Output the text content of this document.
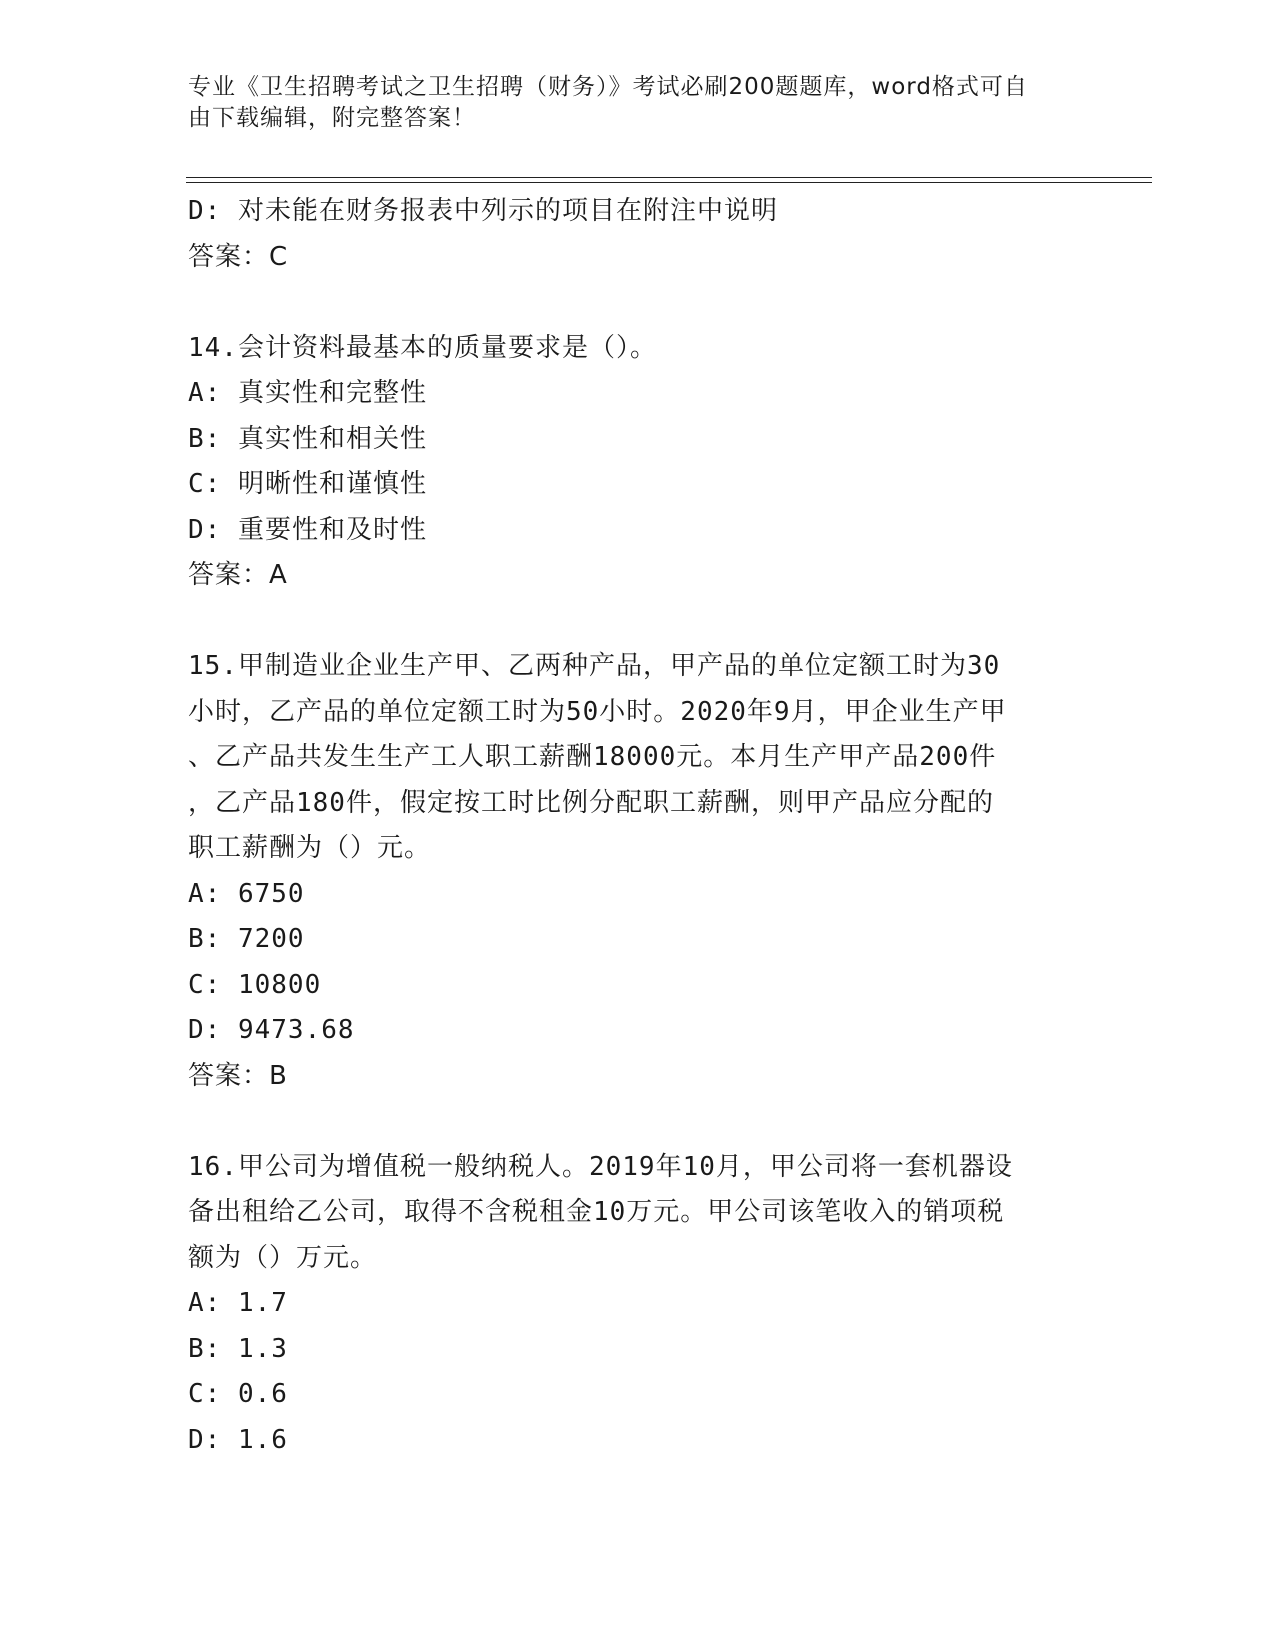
专业《卫生招聘考试之卫生招聘（财务）》考试必刷200题题库，word格式可自
由下载编辑，附完整答案！
D: 对未能在财务报表中列示的项目在附注中说明
答案：C
14.会计资料最基本的质量要求是（）。
A: 真实性和完整性
B: 真实性和相关性
C: 明晰性和谨慎性
D: 重要性和及时性
答案：A
15.甲制造业企业生产甲、乙两种产品，甲产品的单位定额工时为30
小时，乙产品的单位定额工时为50小时。2020年9月，甲企业生产甲
、乙产品共发生生产工人职工薪酬18000元。本月生产甲产品200件
，乙产品180件，假定按工时比例分配职工薪酬，则甲产品应分配的
职工薪酬为（）元。
A: 6750
B: 7200
C: 10800
D: 9473.68
答案：B
16.甲公司为增值税一般纳税人。2019年10月，甲公司将一套机器设
备出租给乙公司，取得不含税租金10万元。甲公司该笔收入的销项税
额为（）万元。
A: 1.7
B: 1.3
C: 0.6
D: 1.6
